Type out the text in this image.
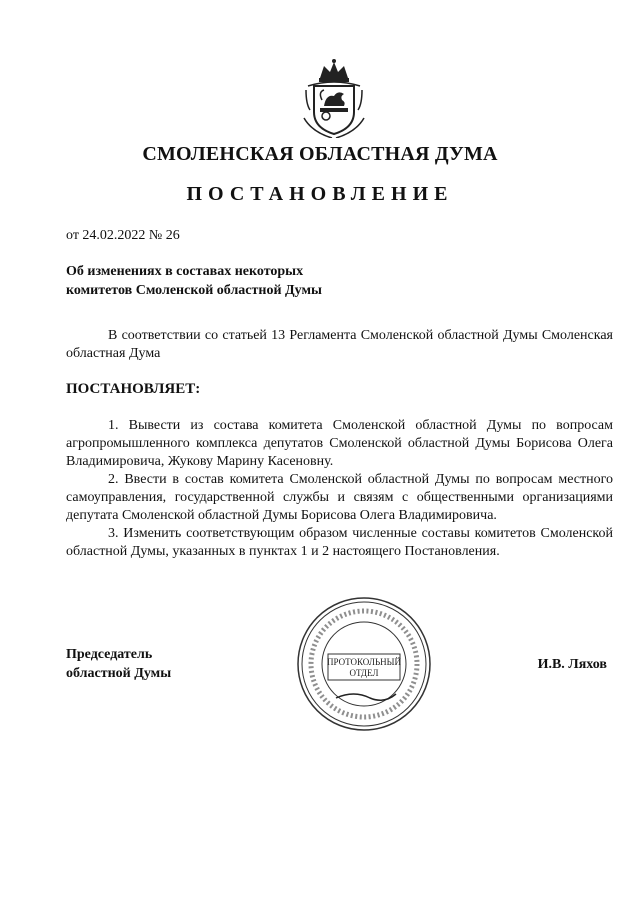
СМОЛЕНСКАЯ ОБЛАСТНАЯ ДУМА
ПОСТАНОВЛЕНИЕ
от 24.02.2022 № 26
Об изменениях в составах некоторых
комитетов Смоленской областной Думы
В соответствии со статьей 13 Регламента Смоленской областной Думы Смоленская областная Дума
ПОСТАНОВЛЯЕТ:

1. Вывести из состава комитета Смоленской областной Думы по вопросам агропромышленного комплекса депутатов Смоленской областной Думы Борисова Олега Владимировича, Жукову Марину Касеновну.

2. Ввести в состав комитета Смоленской областной Думы по вопросам местного самоуправления, государственной службы и связям с общественными организациями депутата Смоленской областной Думы Борисова Олега Владимировича.

3. Изменить соответствующим образом численные составы комитетов Смоленской областной Думы, указанных в пунктах 1 и 2 настоящего Постановления.

Председатель
областной Думы
И.В. Ляхов
ПРОТОКОЛЬНЫЙ
ОТДЕЛ
